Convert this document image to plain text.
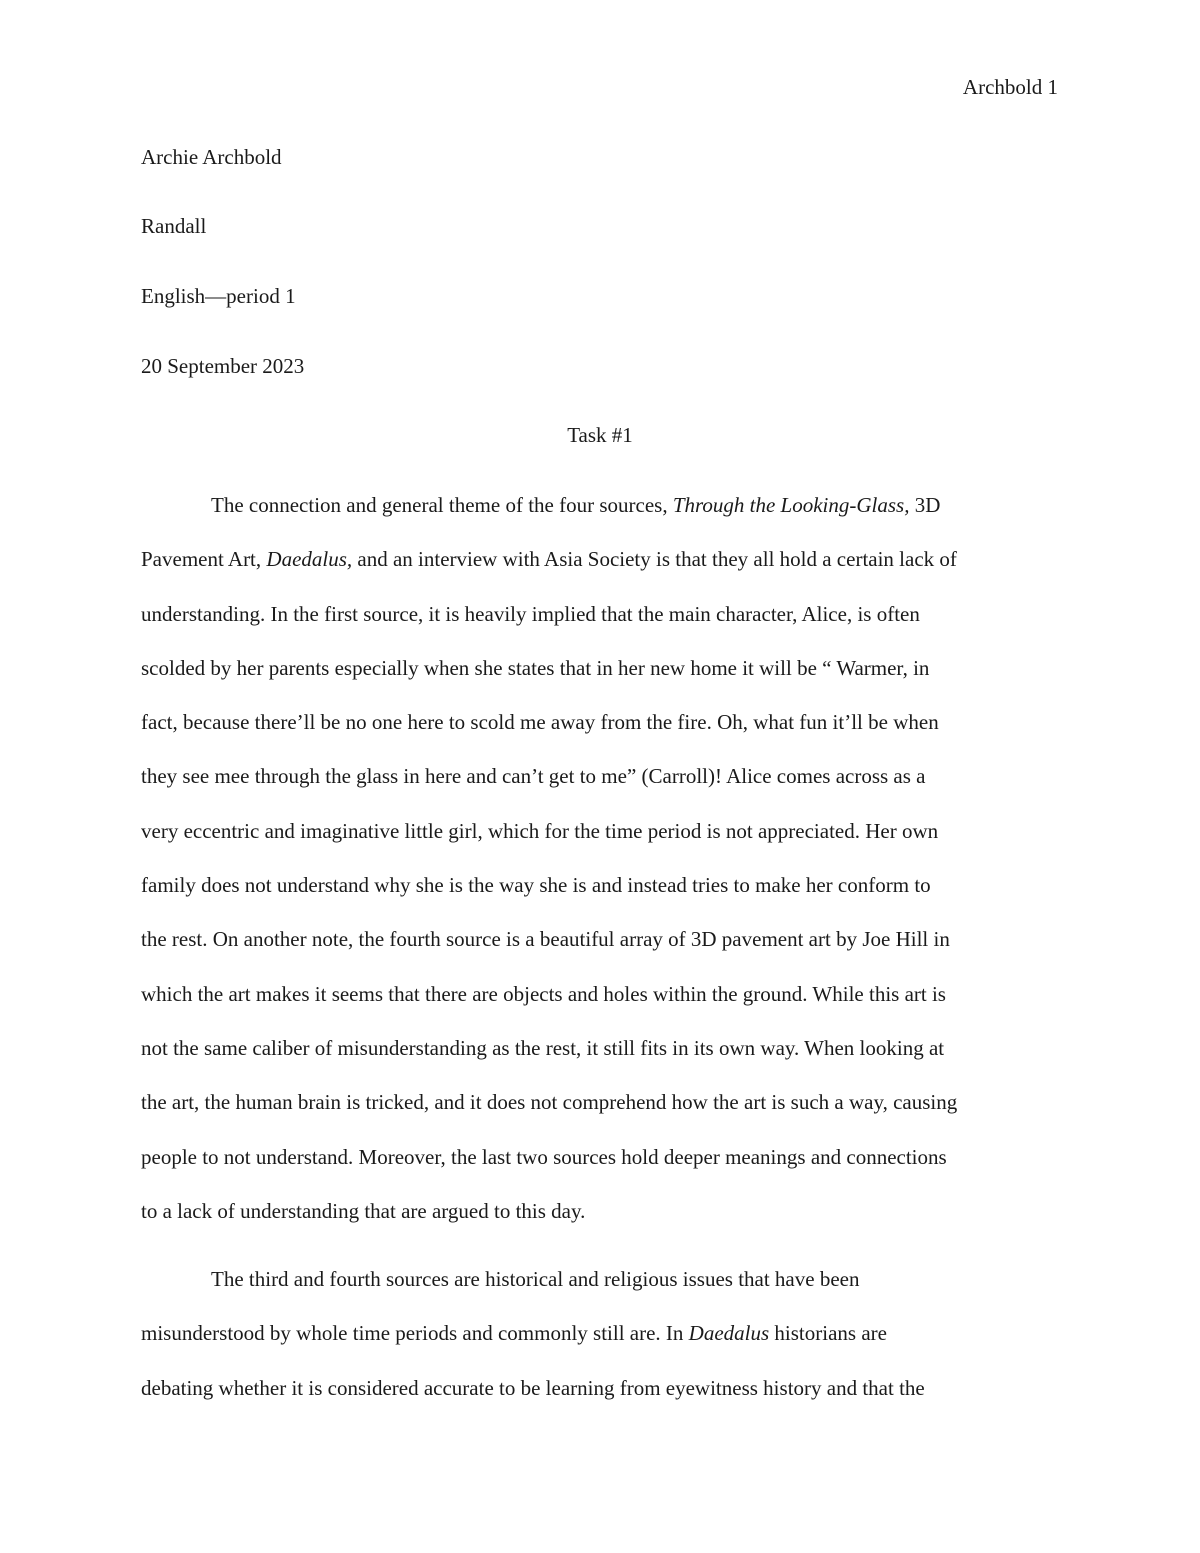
Archbold 1
Archie Archbold
Randall
English—period 1
20 September 2023
Task #1
The connection and general theme of the four sources, Through the Looking-Glass, 3D
Pavement Art, Daedalus, and an interview with Asia Society is that they all hold a certain lack of
understanding. In the first source, it is heavily implied that the main character, Alice, is often
scolded by her parents especially when she states that in her new home it will be “ Warmer, in
fact, because there’ll be no one here to scold me away from the fire. Oh, what fun it’ll be when
they see mee through the glass in here and can’t get to me” (Carroll)! Alice comes across as a
very eccentric and imaginative little girl, which for the time period is not appreciated. Her own
family does not understand why she is the way she is and instead tries to make her conform to
the rest. On another note, the fourth source is a beautiful array of 3D pavement art by Joe Hill in
which the art makes it seems that there are objects and holes within the ground. While this art is
not the same caliber of misunderstanding as the rest, it still fits in its own way. When looking at
the art, the human brain is tricked, and it does not comprehend how the art is such a way, causing
people to not understand. Moreover, the last two sources hold deeper meanings and connections
to a lack of understanding that are argued to this day.
The third and fourth sources are historical and religious issues that have been
misunderstood by whole time periods and commonly still are. In Daedalus historians are
debating whether it is considered accurate to be learning from eyewitness history and that the
